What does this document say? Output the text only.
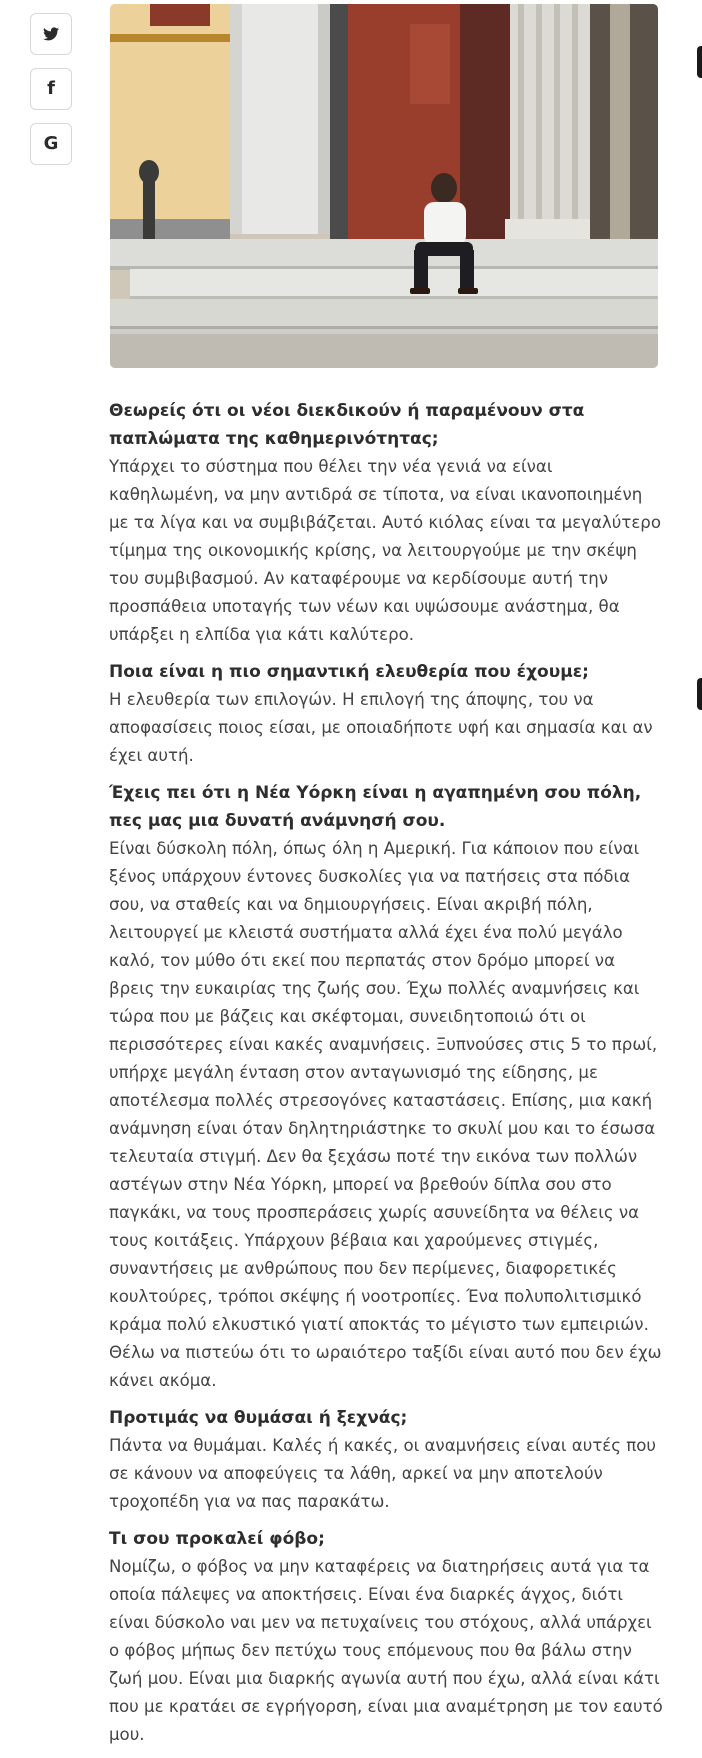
f
G

Θεωρείς ότι οι νέοι διεκδικούν ή παραμένουν στα παπλώματα της καθημερινότητας;

Υπάρχει το σύστημα που θέλει την νέα γενιά να είναι καθηλωμένη, να μην αντιδρά σε τίποτα, να είναι ικανοποιημένη με τα λίγα και να συμβιβάζεται. Αυτό κιόλας είναι τα μεγαλύτερο τίμημα της οικονομικής κρίσης, να λειτουργούμε με την σκέψη του συμβιβασμού. Αν καταφέρουμε να κερδίσουμε αυτή την προσπάθεια υποταγής των νέων και υψώσουμε ανάστημα, θα υπάρξει η ελπίδα για κάτι καλύτερο.

Ποια είναι η πιο σημαντική ελευθερία που έχουμε;

Η ελευθερία των επιλογών. Η επιλογή της άποψης, του να αποφασίσεις ποιος είσαι, με οποιαδήποτε υφή και σημασία και αν έχει αυτή.

Έχεις πει ότι η Νέα Υόρκη είναι η αγαπημένη σου πόλη, πες μας μια δυνατή ανάμνησή σου.

Είναι δύσκολη πόλη, όπως όλη η Αμερική. Για κάποιον που είναι ξένος υπάρχουν έντονες δυσκολίες για να πατήσεις στα πόδια σου, να σταθείς και να δημιουργήσεις. Είναι ακριβή πόλη, λειτουργεί με κλειστά συστήματα αλλά έχει ένα πολύ μεγάλο καλό, τον μύθο ότι εκεί που περπατάς στον δρόμο μπορεί να βρεις την ευκαιρίας της ζωής σου. Έχω πολλές αναμνήσεις και τώρα που με βάζεις και σκέφτομαι, συνειδητοποιώ ότι οι περισσότερες είναι κακές αναμνήσεις. Ξυπνούσες στις 5 το πρωί, υπήρχε μεγάλη ένταση στον ανταγωνισμό της είδησης, με αποτέλεσμα πολλές στρεσογόνες καταστάσεις. Επίσης, μια κακή ανάμνηση είναι όταν δηλητηριάστηκε το σκυλί μου και το έσωσα τελευταία στιγμή. Δεν θα ξεχάσω ποτέ την εικόνα των πολλών αστέγων στην Νέα Υόρκη, μπορεί να βρεθούν δίπλα σου στο παγκάκι, να τους προσπεράσεις χωρίς ασυνείδητα να θέλεις να τους κοιτάξεις. Υπάρχουν βέβαια και χαρούμενες στιγμές, συναντήσεις με ανθρώπους που δεν περίμενες, διαφορετικές κουλτούρες, τρόποι σκέψης ή νοοτροπίες. Ένα πολυπολιτισμικό κράμα πολύ ελκυστικό γιατί αποκτάς το μέγιστο των εμπειριών. Θέλω να πιστεύω ότι το ωραιότερο ταξίδι είναι αυτό που δεν έχω κάνει ακόμα.

Προτιμάς να θυμάσαι ή ξεχνάς;

Πάντα να θυμάμαι. Καλές ή κακές, οι αναμνήσεις είναι αυτές που σε κάνουν να αποφεύγεις τα λάθη, αρκεί να μην αποτελούν τροχοπέδη για να πας παρακάτω.

Τι σου προκαλεί φόβο;

Νομίζω, ο φόβος να μην καταφέρεις να διατηρήσεις αυτά για τα οποία πάλεψες να αποκτήσεις. Είναι ένα διαρκές άγχος, διότι είναι δύσκολο ναι μεν να πετυχαίνεις του στόχους, αλλά υπάρχει ο φόβος μήπως δεν πετύχω τους επόμενους που θα βάλω στην ζωή μου. Είναι μια διαρκής αγωνία αυτή που έχω, αλλά είναι κάτι που με κρατάει σε εγρήγορση, είναι μια αναμέτρηση με τον εαυτό μου.
